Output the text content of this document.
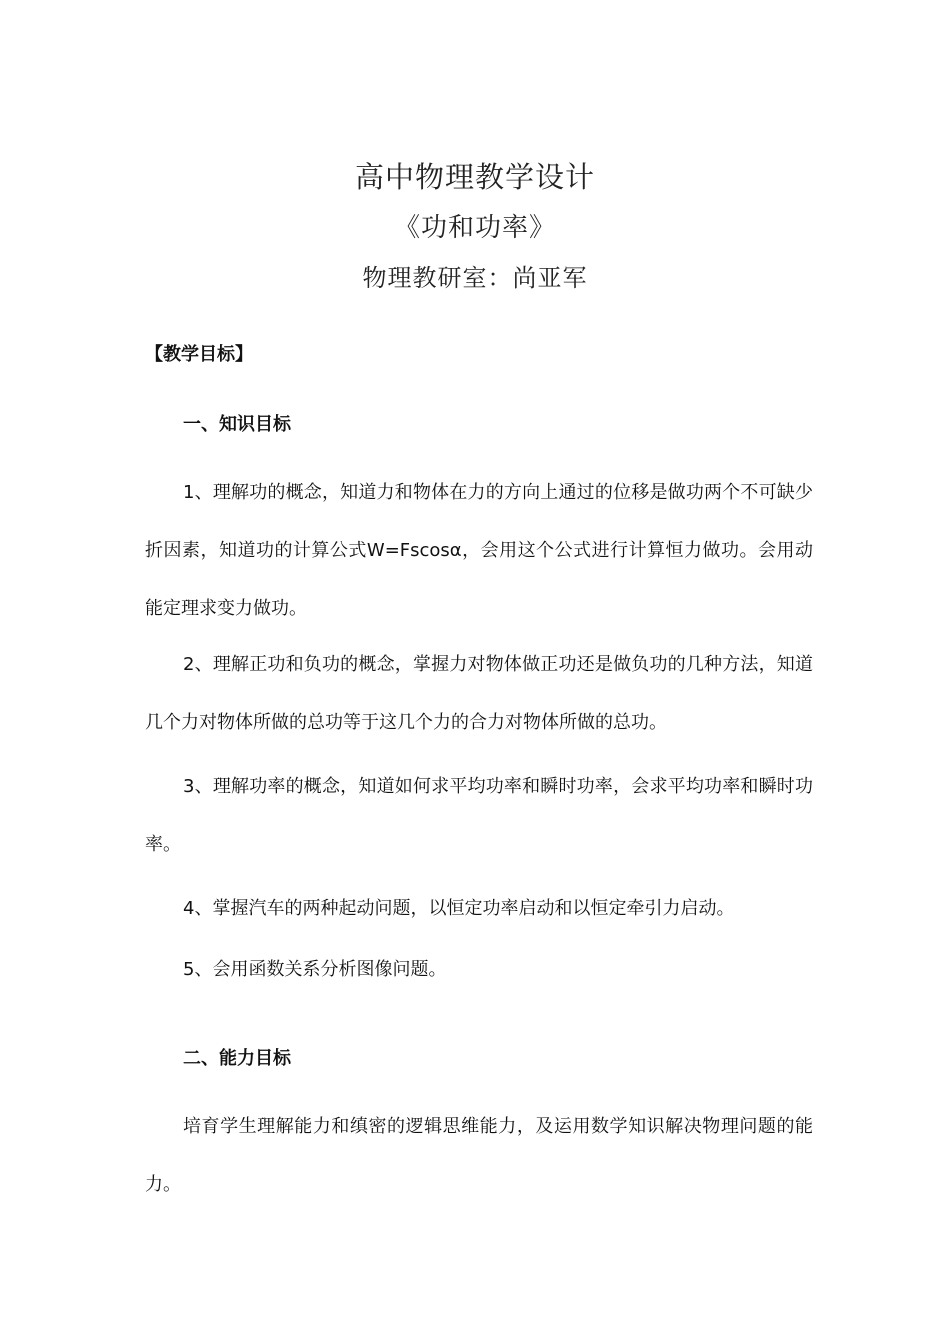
高中物理教学设计
《功和功率》
物理教研室：尚亚军
【教学目标】
一、知识目标

1、理解功的概念，知道力和物体在力的方向上通过的位移是做功两个不可缺少折因素，知道功的计算公式W=Fscosα，会用这个公式进行计算恒力做功。会用动能定理求变力做功。

2、理解正功和负功的概念，掌握力对物体做正功还是做负功的几种方法，知道几个力对物体所做的总功等于这几个力的合力对物体所做的总功。

3、理解功率的概念，知道如何求平均功率和瞬时功率，会求平均功率和瞬时功率。

4、掌握汽车的两种起动问题，以恒定功率启动和以恒定牵引力启动。

5、会用函数关系分析图像问题。

二、能力目标

培育学生理解能力和缜密的逻辑思维能力，及运用数学知识解决物理问题的能力。
